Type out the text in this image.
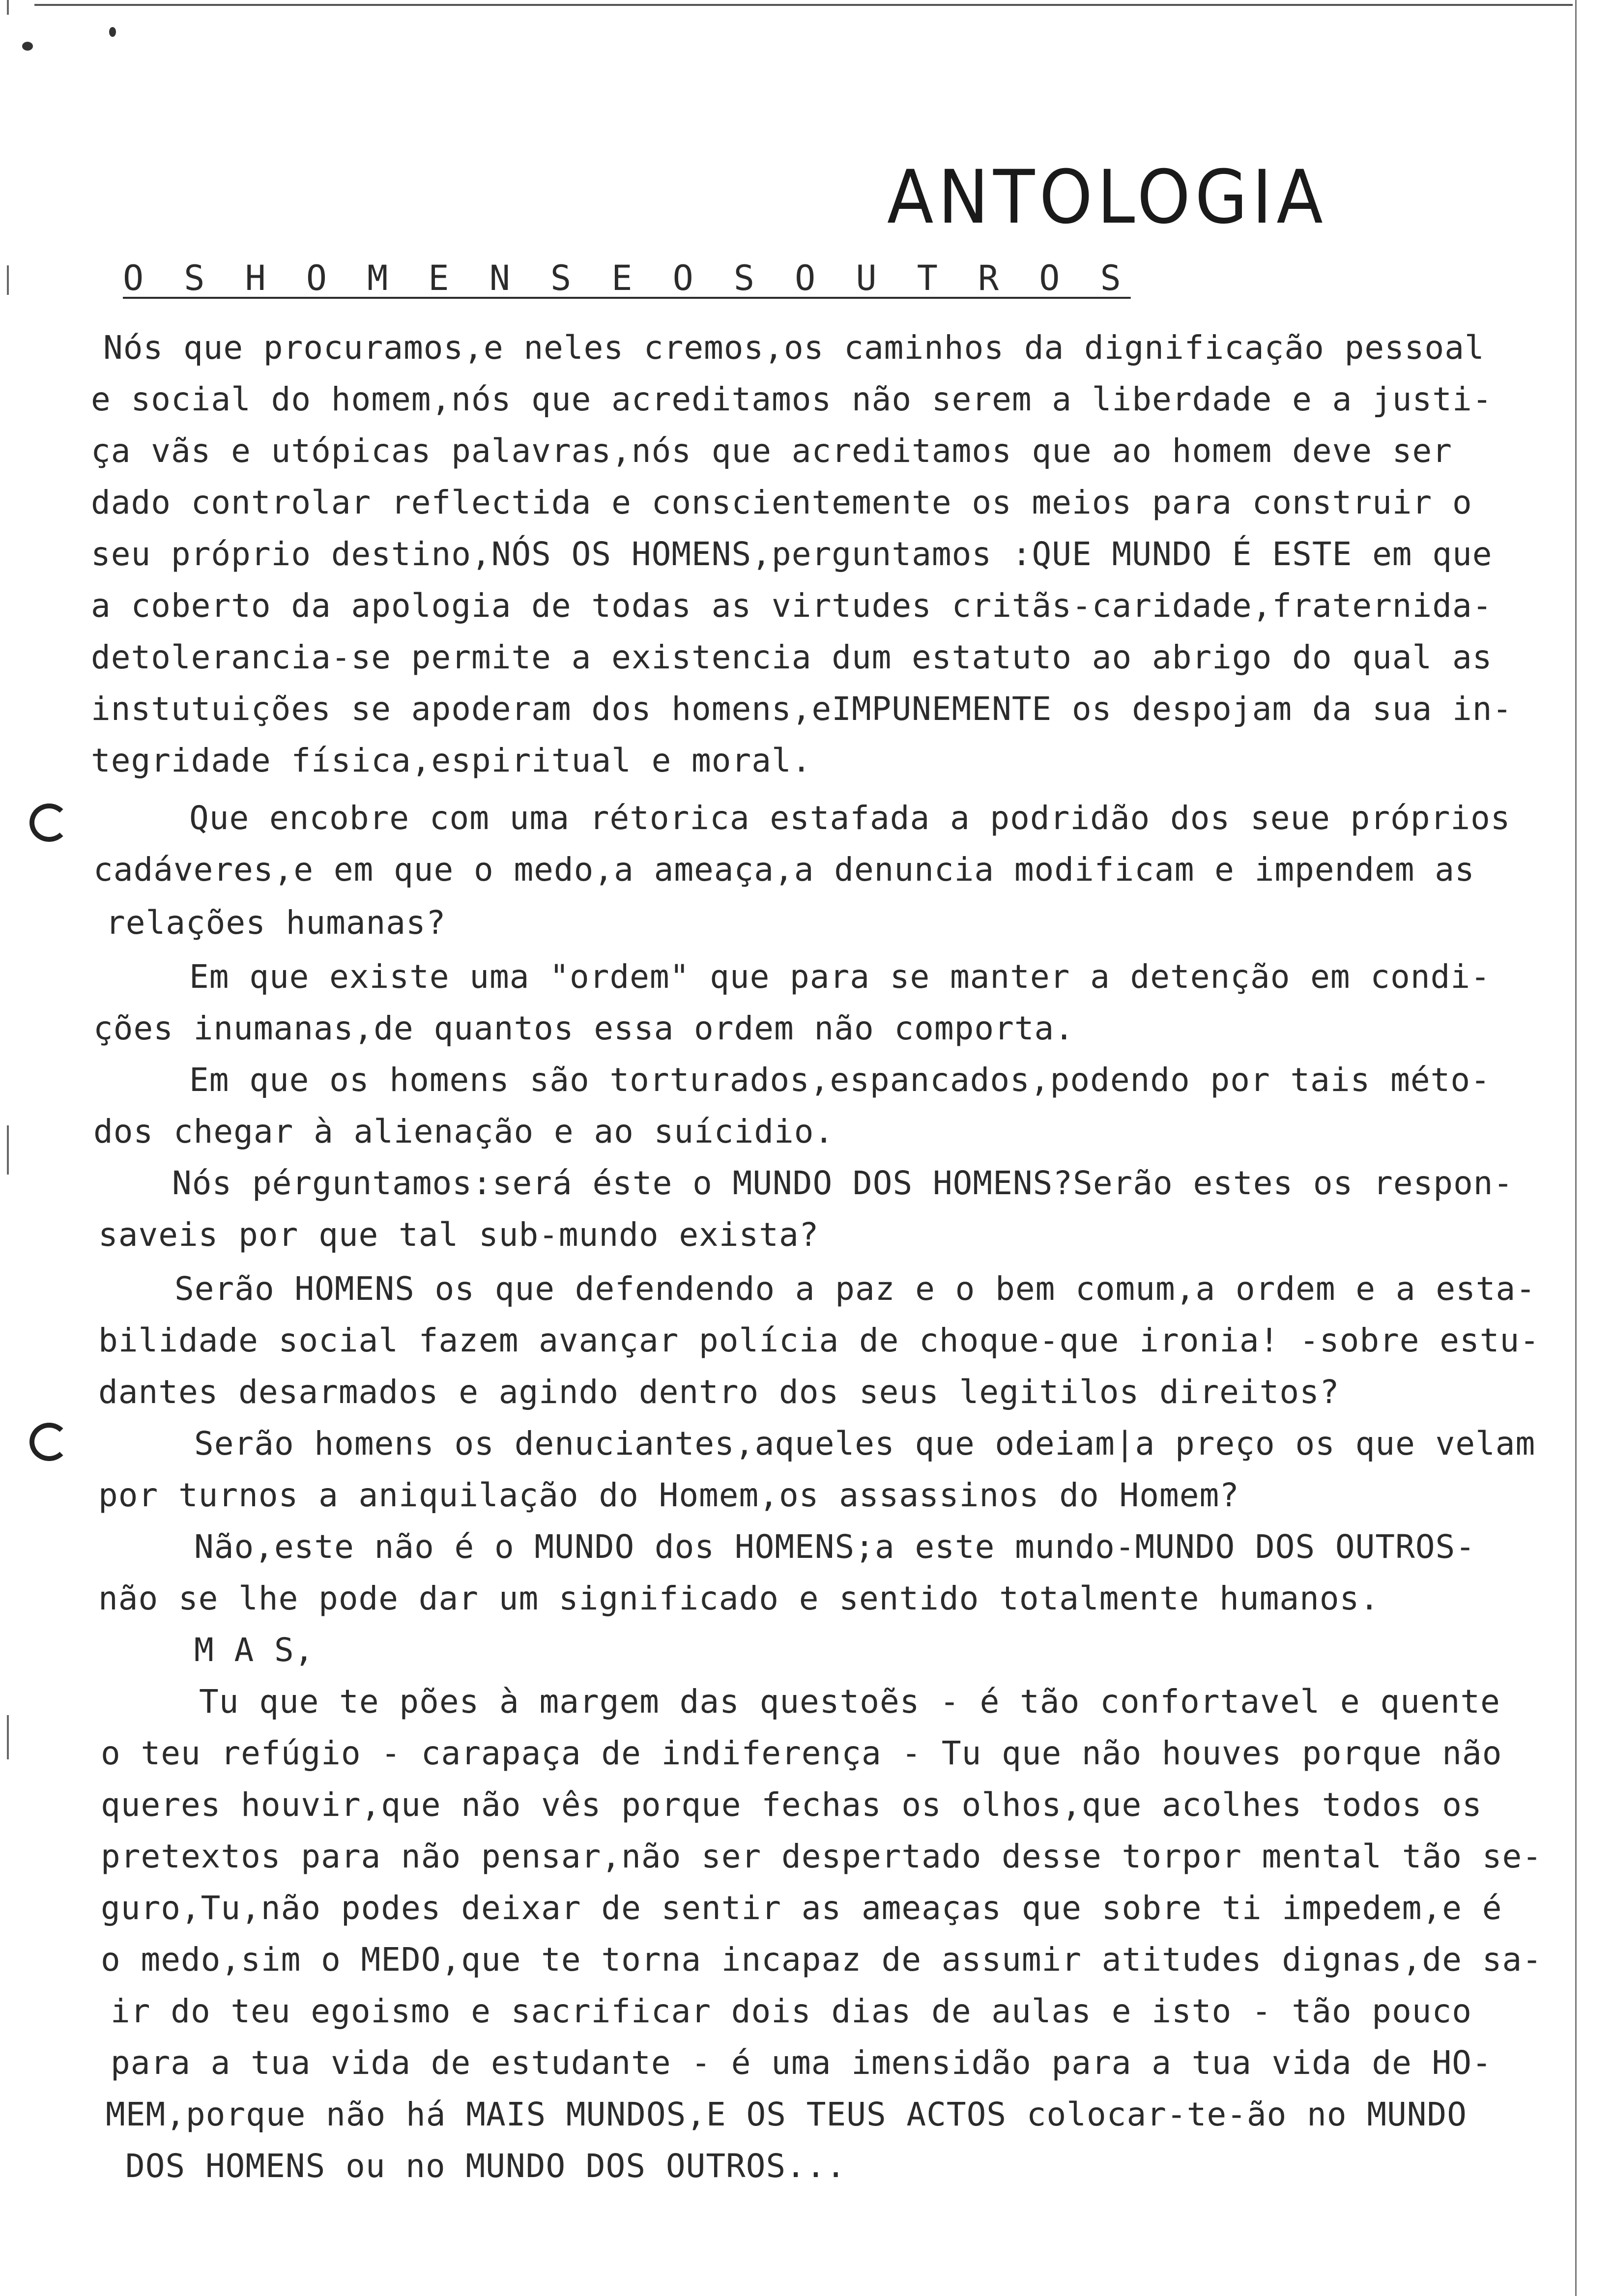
ANTOLOGIA
O S H O M E N S E O S O U T R O S

Nós que procuramos,e neles cremos,os caminhos da dignificação pessoal

e social do homem,nós que acreditamos não serem a liberdade e a justi-

ça vãs e utópicas palavras,nós que acreditamos que ao homem deve ser

dado controlar reflectida e conscientemente os meios para construir o

seu próprio destino,NÓS OS HOMENS,perguntamos :QUE MUNDO É ESTE em que

a coberto da apologia de todas as virtudes critãs-caridade,fraternida-

detolerancia-se permite a existencia dum estatuto ao abrigo do qual as

instutuições se apoderam dos homens,eIMPUNEMENTE os despojam da sua in-

tegridade física,espiritual e moral.

Que encobre com uma rétorica estafada a podridão dos seue próprios

cadáveres,e em que o medo,a ameaça,a denuncia modificam e impendem as

relações humanas?

Em que existe uma "ordem" que para se manter a detenção em condi-

ções inumanas,de quantos essa ordem não comporta.

Em que os homens são torturados,espancados,podendo por tais méto-

dos chegar à alienação e ao suícidio.

Nós pérguntamos:será éste o MUNDO DOS HOMENS?Serão estes os respon-

saveis por que tal sub-mundo exista?

Serão HOMENS os que defendendo a paz e o bem comum,a ordem e a esta-

bilidade social fazem avançar polícia de choque-que ironia! -sobre estu-

dantes desarmados e agindo dentro dos seus legitilos direitos?

Serão homens os denuciantes,aqueles que odeiam|a preço os que velam

por turnos a aniquilação do Homem,os assassinos do Homem?

Não,este não é o MUNDO dos HOMENS;a este mundo-MUNDO DOS OUTROS-

não se lhe pode dar um significado e sentido totalmente humanos.

M A S,

Tu que te pões à margem das questoẽs - é tão confortavel e quente

o teu refúgio - carapaça de indiferença - Tu que não houves porque não

queres houvir,que não vês porque fechas os olhos,que acolhes todos os

pretextos para não pensar,não ser despertado desse torpor mental tão se-

guro,Tu,não podes deixar de sentir as ameaças que sobre ti impedem,e é

o medo,sim o MEDO,que te torna incapaz de assumir atitudes dignas,de sa-

ir do teu egoismo e sacrificar dois dias de aulas e isto - tão pouco

para a tua vida de estudante - é uma imensidão para a tua vida de HO-

MEM,porque não há MAIS MUNDOS,E OS TEUS ACTOS colocar-te-ão no MUNDO

DOS HOMENS ou no MUNDO DOS OUTROS...
